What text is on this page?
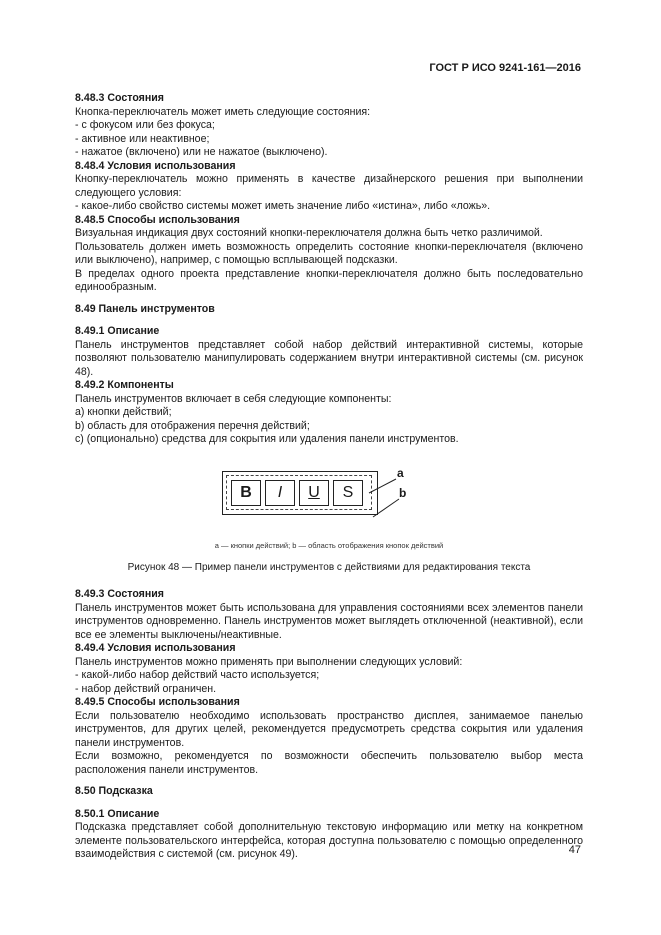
ГОСТ Р ИСО 9241-161—2016

8.48.3 Состояния

Кнопка-переключатель может иметь следующие состояния:

- с фокусом или без фокуса;

- активное или неактивное;

- нажатое (включено) или не нажатое (выключено).

8.48.4 Условия использования

Кнопку-переключатель можно применять в качестве дизайнерского решения при выполнении следующего условия:

- какое-либо свойство системы может иметь значение либо «истина», либо «ложь».

8.48.5 Способы использования

Визуальная индикация двух состояний кнопки-переключателя должна быть четко различимой.

Пользователь должен иметь возможность определить состояние кнопки-переключателя (включено или выключено), например, с помощью всплывающей подсказки.

В пределах одного проекта представление кнопки-переключателя должно быть последовательно единообразным.

8.49 Панель инструментов

8.49.1 Описание

Панель инструментов представляет собой набор действий интерактивной системы, которые позволяют пользователю манипулировать содержанием внутри интерактивной системы (см. рисунок 48).

8.49.2 Компоненты

Панель инструментов включает в себя следующие компоненты:

a) кнопки действий;

b) область для отображения перечня действий;

c) (опционально) средства для сокрытия или удаления панели инструментов.

B	I	U	S
a
b
a — кнопки действий; b — область отображения кнопок действий
Рисунок 48 — Пример панели инструментов с действиями для редактирования текста

8.49.3 Состояния

Панель инструментов может быть использована для управления состояниями всех элементов панели инструментов одновременно. Панель инструментов может выглядеть отключенной (неактивной), если все ее элементы выключены/неактивные.

8.49.4 Условия использования

Панель инструментов можно применять при выполнении следующих условий:

- какой-либо набор действий часто используется;

- набор действий ограничен.

8.49.5 Способы использования

Если пользователю необходимо использовать пространство дисплея, занимаемое панелью инструментов, для других целей, рекомендуется предусмотреть средства сокрытия или удаления панели инструментов.

Если возможно, рекомендуется по возможности обеспечить пользователю выбор места расположения панели инструментов.

8.50 Подсказка

8.50.1 Описание

Подсказка представляет собой дополнительную текстовую информацию или метку на конкретном элементе пользовательского интерфейса, которая доступна пользователю с помощью определенного взаимодействия с системой (см. рисунок 49).	47
